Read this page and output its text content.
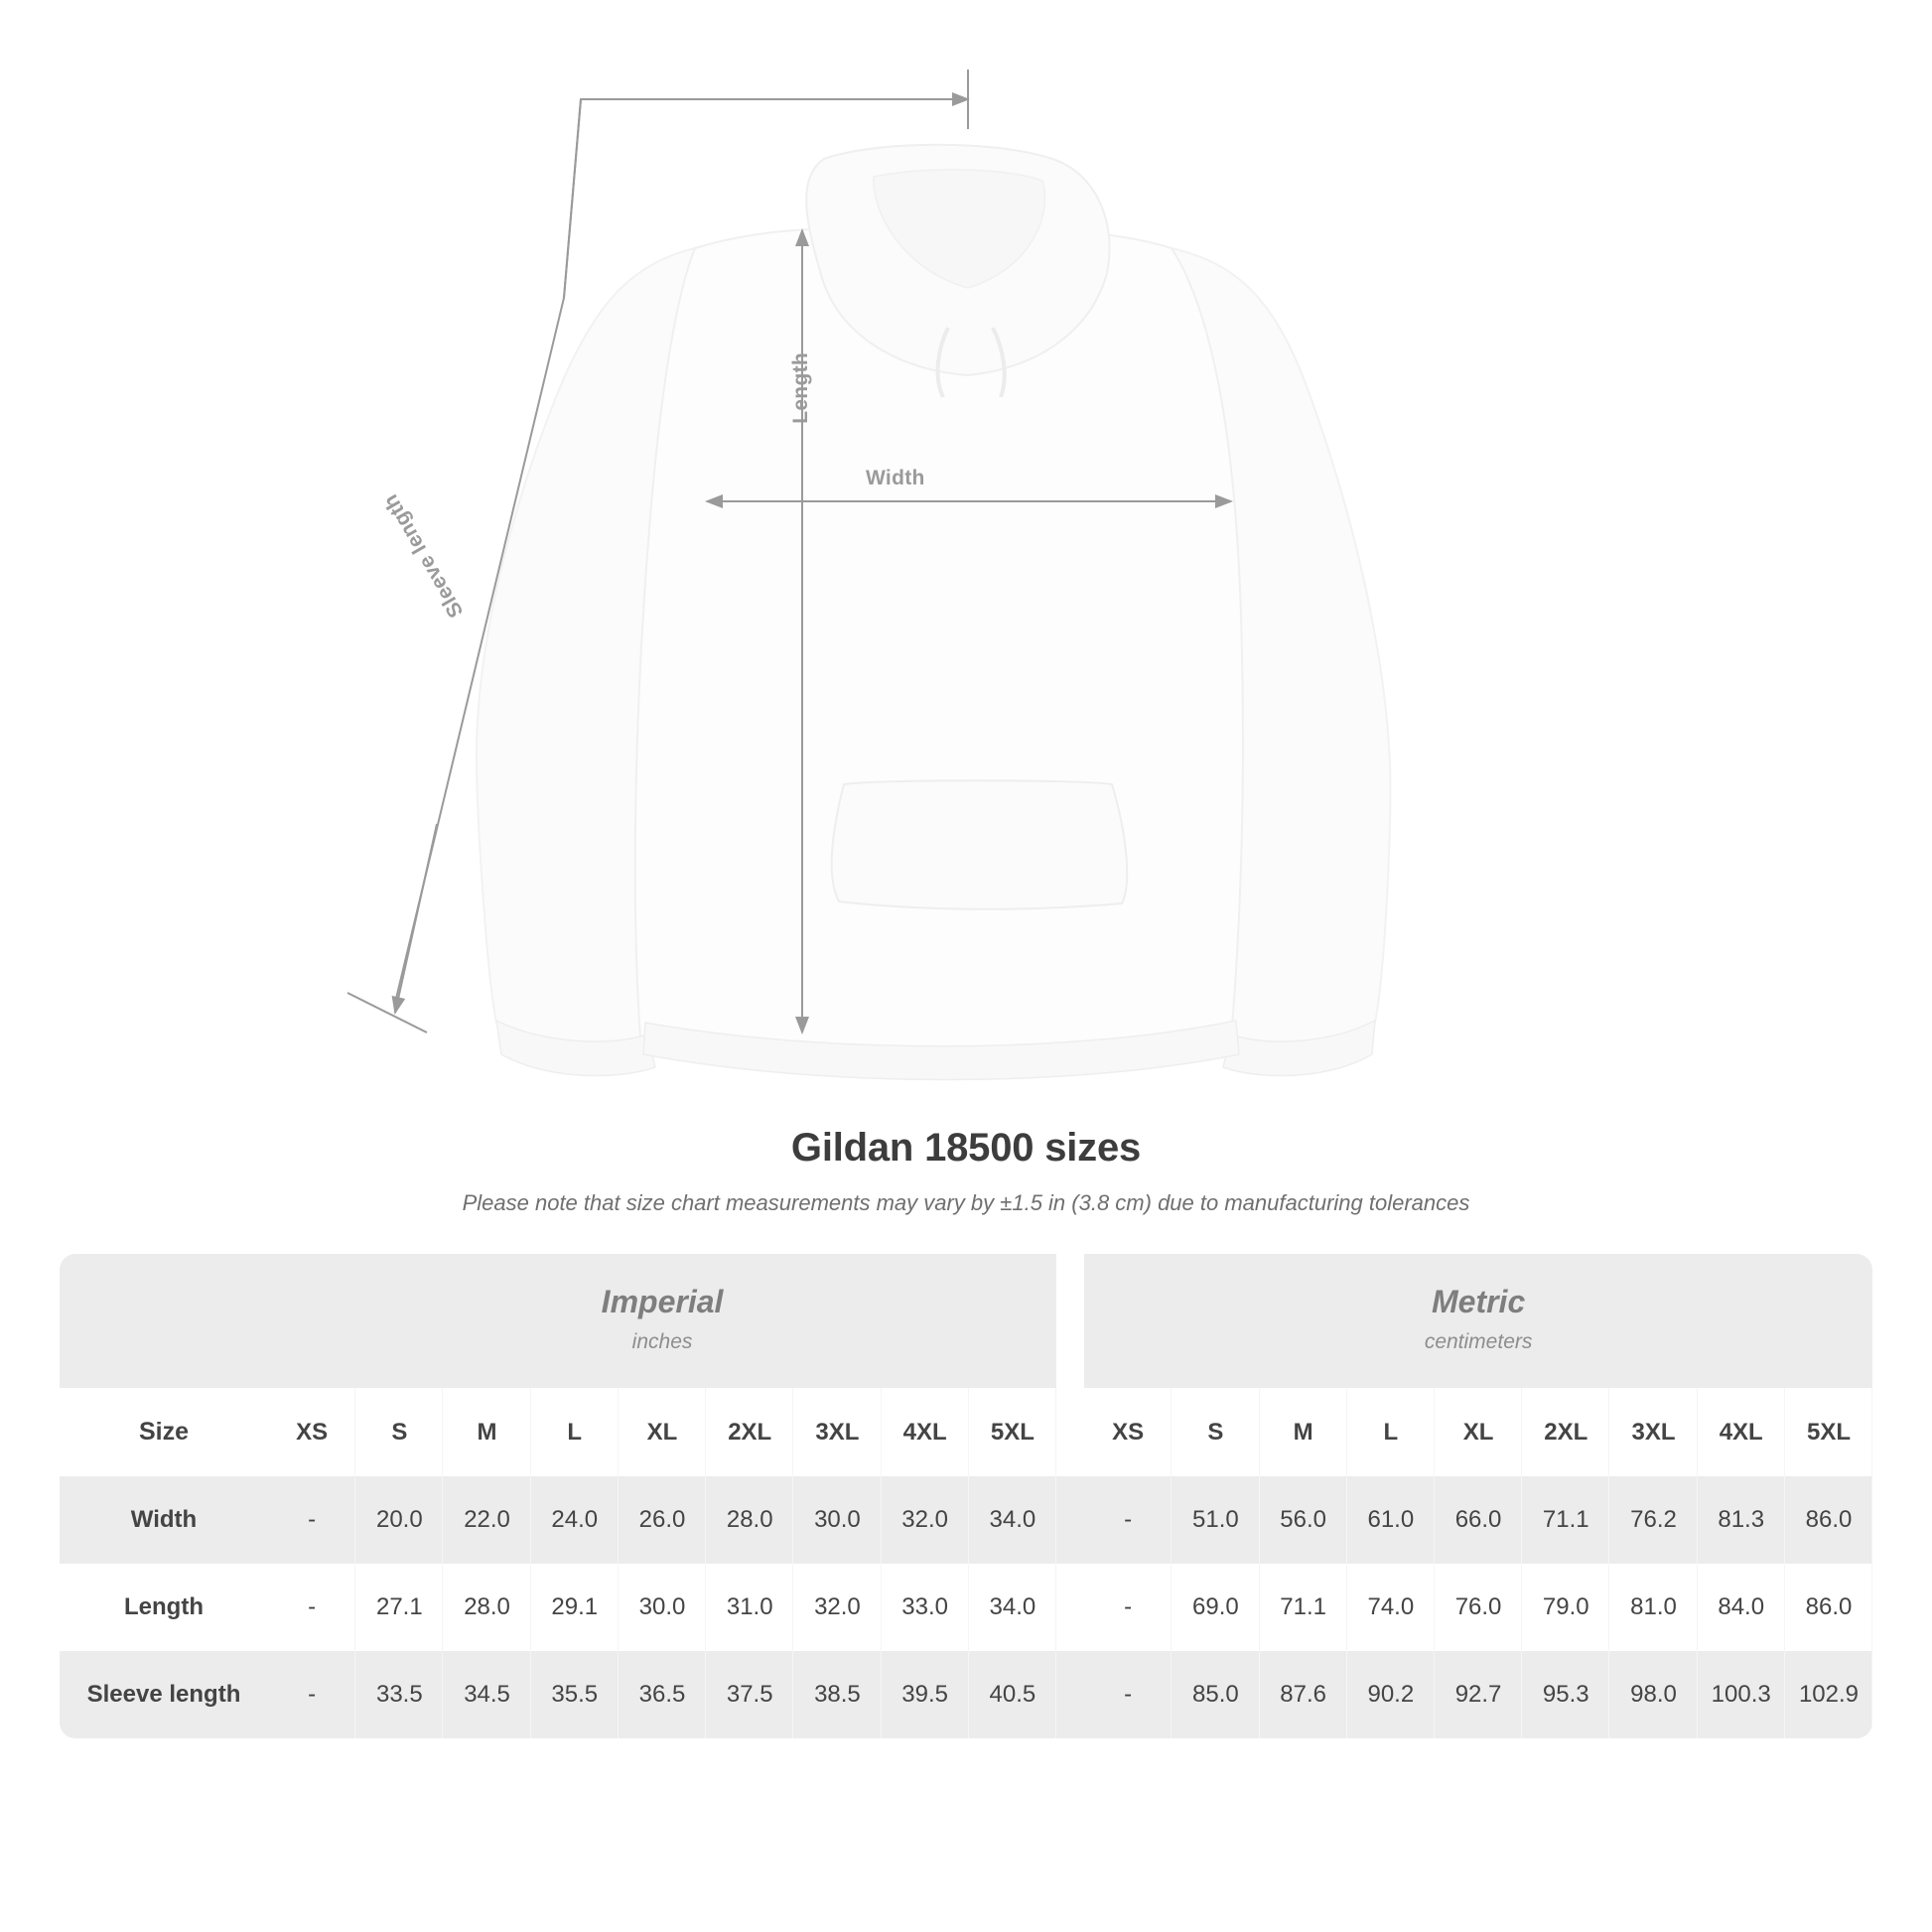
Width
Length
Sleeve length
Gildan 18500 sizes
Please note that size chart measurements may vary by ±1.5 in (3.8 cm) due to manufacturing tolerances

Imperial
inches

Metric
centimeters

Size	XS	S	M	L	XL	2XL	3XL	4XL	5XL		XS	S	M	L	XL	2XL	3XL	4XL	5XL
Width	-	20.0	22.0	24.0	26.0	28.0	30.0	32.0	34.0		-	51.0	56.0	61.0	66.0	71.1	76.2	81.3	86.0
Length	-	27.1	28.0	29.1	30.0	31.0	32.0	33.0	34.0		-	69.0	71.1	74.0	76.0	79.0	81.0	84.0	86.0
Sleeve length	-	33.5	34.5	35.5	36.5	37.5	38.5	39.5	40.5		-	85.0	87.6	90.2	92.7	95.3	98.0	100.3	102.9
